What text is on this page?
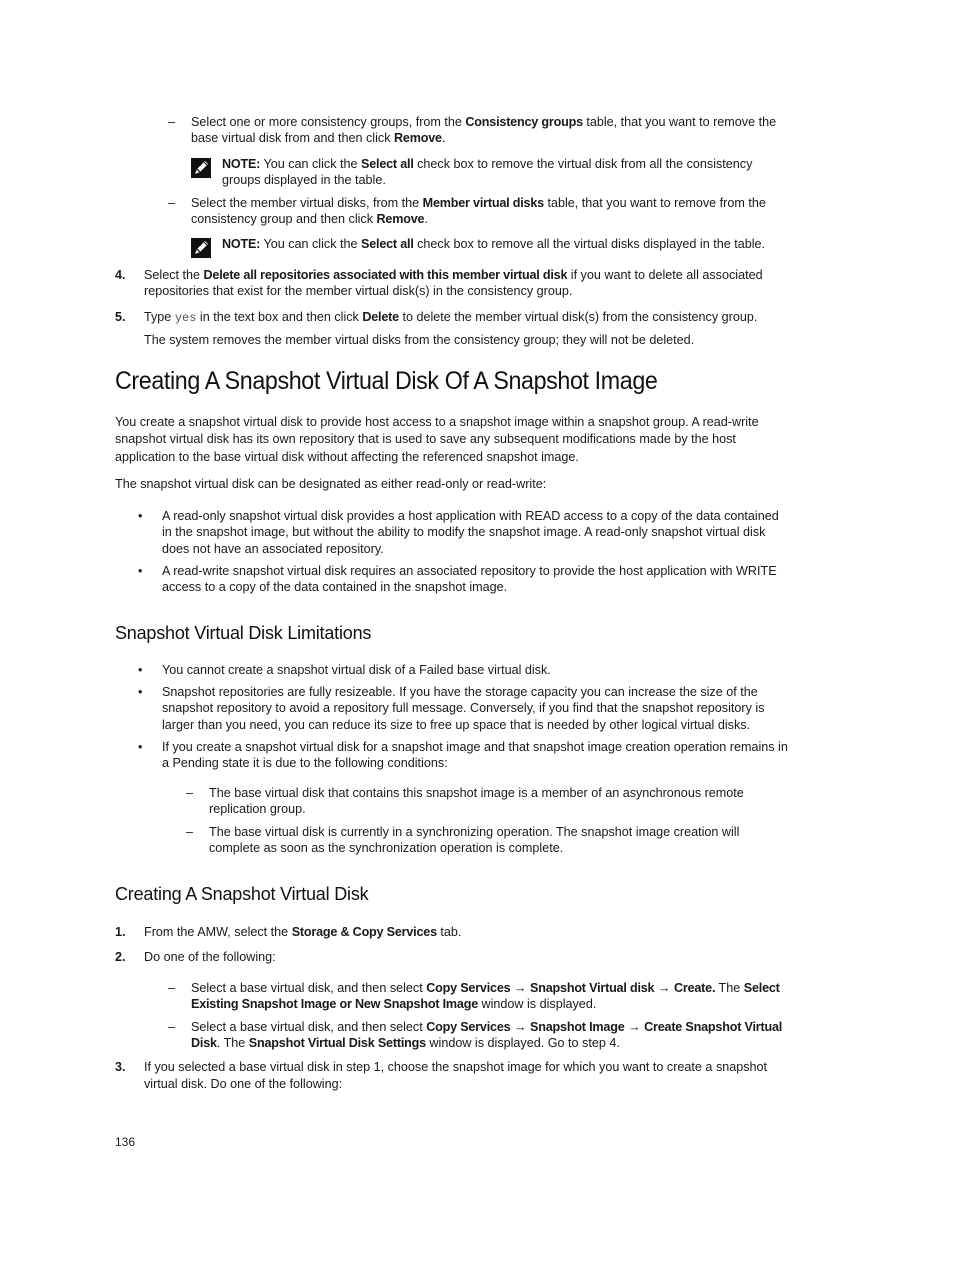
–	Select one or more consistency groups, from the Consistency groups table, that you want to remove the
base virtual disk from and then click Remove.
NOTE: You can click the Select all check box to remove the virtual disk from all the consistency
groups displayed in the table.
–	Select the member virtual disks, from the Member virtual disks table, that you want to remove from the
consistency group and then click Remove.
NOTE: You can click the Select all check box to remove all the virtual disks displayed in the table.
4. Select the Delete all repositories associated with this member virtual disk if you want to delete all associated
repositories that exist for the member virtual disk(s) in the consistency group.
5. Type yes in the text box and then click Delete to delete the member virtual disk(s) from the consistency group.
The system removes the member virtual disks from the consistency group; they will not be deleted.
Creating A Snapshot Virtual Disk Of A Snapshot Image
You create a snapshot virtual disk to provide host access to a snapshot image within a snapshot group. A read-write
snapshot virtual disk has its own repository that is used to save any subsequent modifications made by the host
application to the base virtual disk without affecting the referenced snapshot image.
The snapshot virtual disk can be designated as either read-only or read-write:
•	A read-only snapshot virtual disk provides a host application with READ access to a copy of the data contained
in the snapshot image, but without the ability to modify the snapshot image. A read-only snapshot virtual disk
does not have an associated repository.
•	A read-write snapshot virtual disk requires an associated repository to provide the host application with WRITE
access to a copy of the data contained in the snapshot image.
Snapshot Virtual Disk Limitations
•	You cannot create a snapshot virtual disk of a Failed base virtual disk.
•	Snapshot repositories are fully resizeable. If you have the storage capacity you can increase the size of the
snapshot repository to avoid a repository full message. Conversely, if you find that the snapshot repository is
larger than you need, you can reduce its size to free up space that is needed by other logical virtual disks.
•	If you create a snapshot virtual disk for a snapshot image and that snapshot image creation operation remains in
a Pending state it is due to the following conditions:
–	The base virtual disk that contains this snapshot image is a member of an asynchronous remote
replication group.
–	The base virtual disk is currently in a synchronizing operation. The snapshot image creation will
complete as soon as the synchronization operation is complete.
Creating A Snapshot Virtual Disk
1. From the AMW, select the Storage & Copy Services tab.
2. Do one of the following:
–	Select a base virtual disk, and then select Copy Services → Snapshot Virtual disk → Create. The Select
Existing Snapshot Image or New Snapshot Image window is displayed.
–	Select a base virtual disk, and then select Copy Services → Snapshot Image → Create Snapshot Virtual
Disk. The Snapshot Virtual Disk Settings window is displayed. Go to step 4.
3. If you selected a base virtual disk in step 1, choose the snapshot image for which you want to create a snapshot
virtual disk. Do one of the following:
136
